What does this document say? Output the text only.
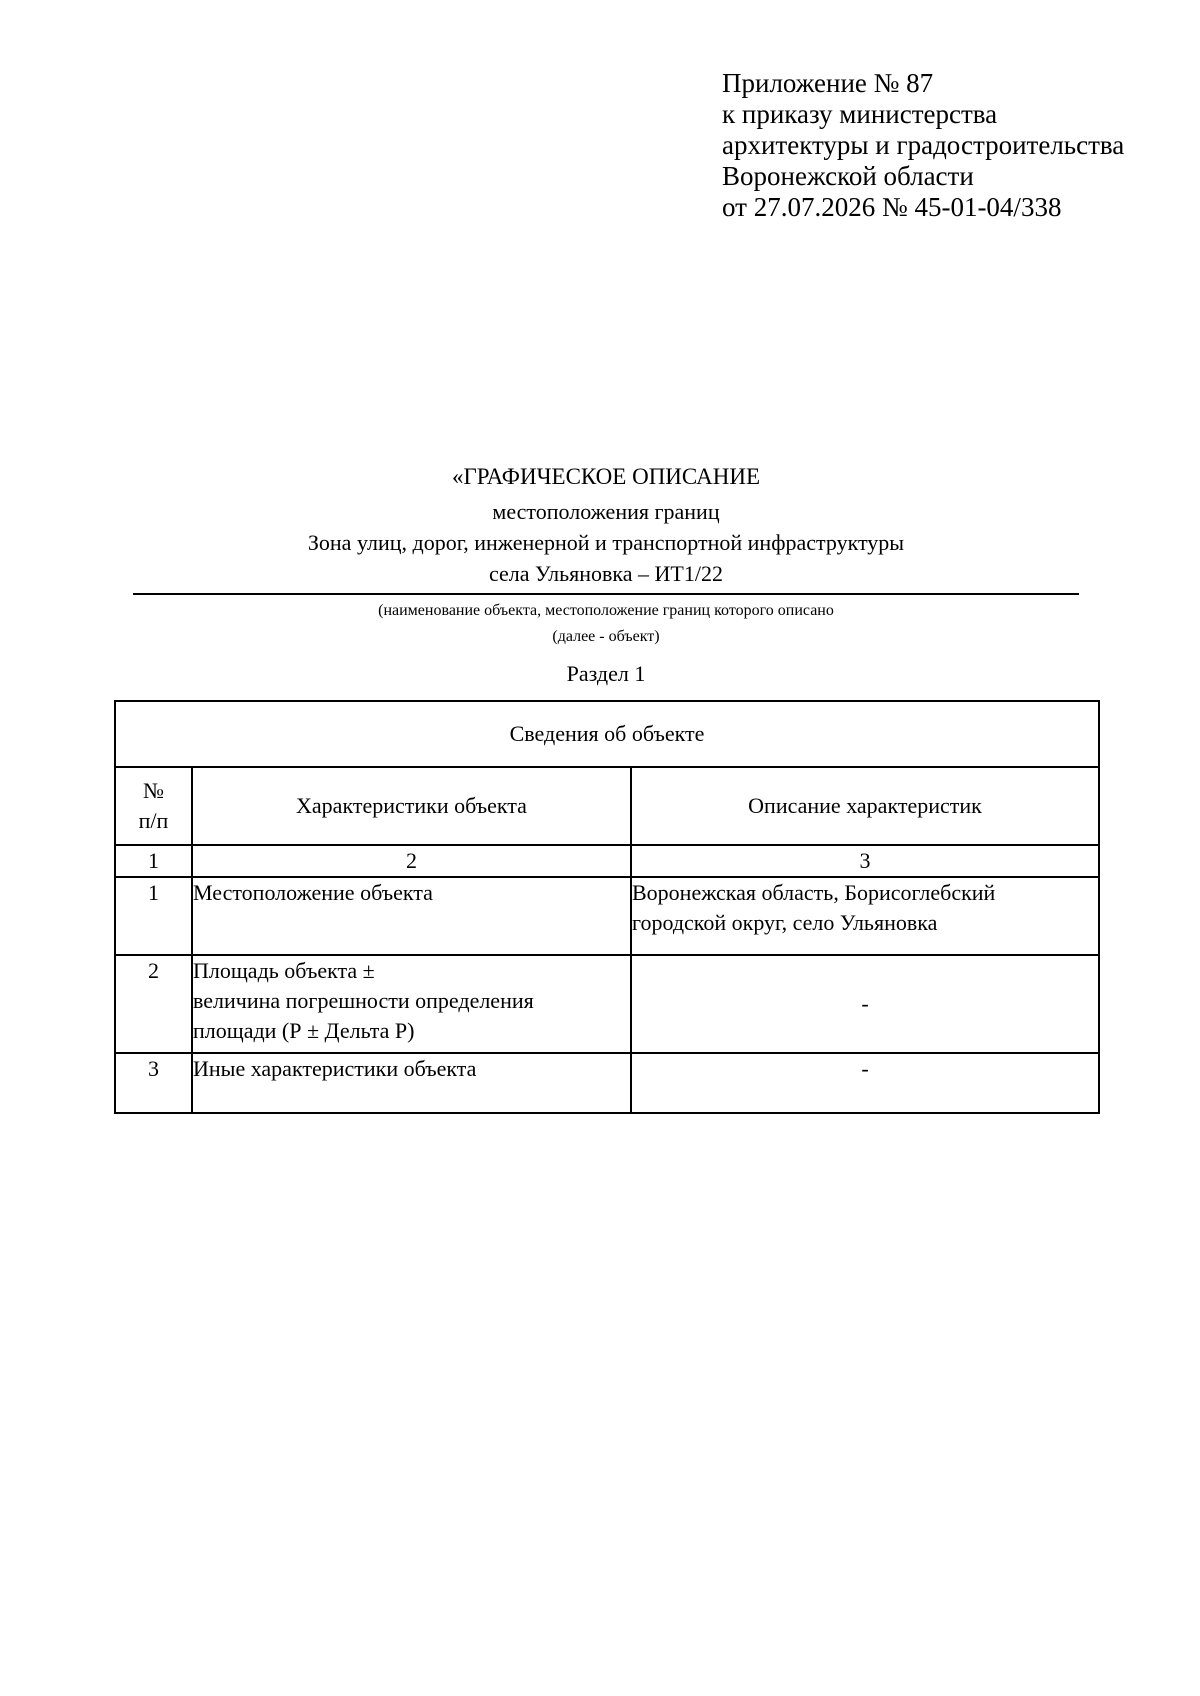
Приложение № 87
к приказу министерства
архитектуры и градостроительства
Воронежской области
от 27.07.2026 № 45-01-04/338
«ГРАФИЧЕСКОЕ ОПИСАНИЕ
местоположения границ
Зона улиц, дорог, инженерной и транспортной инфраструктуры
села Ульяновка – ИТ1/22
(наименование объекта, местоположение границ которого описано
(далее - объект)
Раздел 1
Сведения об объекте		
№
п/п	Характеристики объекта	Описание характеристик
1	2	3
1	Местоположение объекта	Воронежская область, Борисоглебский
городской округ, село Ульяновка
2	Площадь объекта ±
величина погрешности определения
площади (Р ± Дельта Р)	-
3	Иные характеристики объекта	-
